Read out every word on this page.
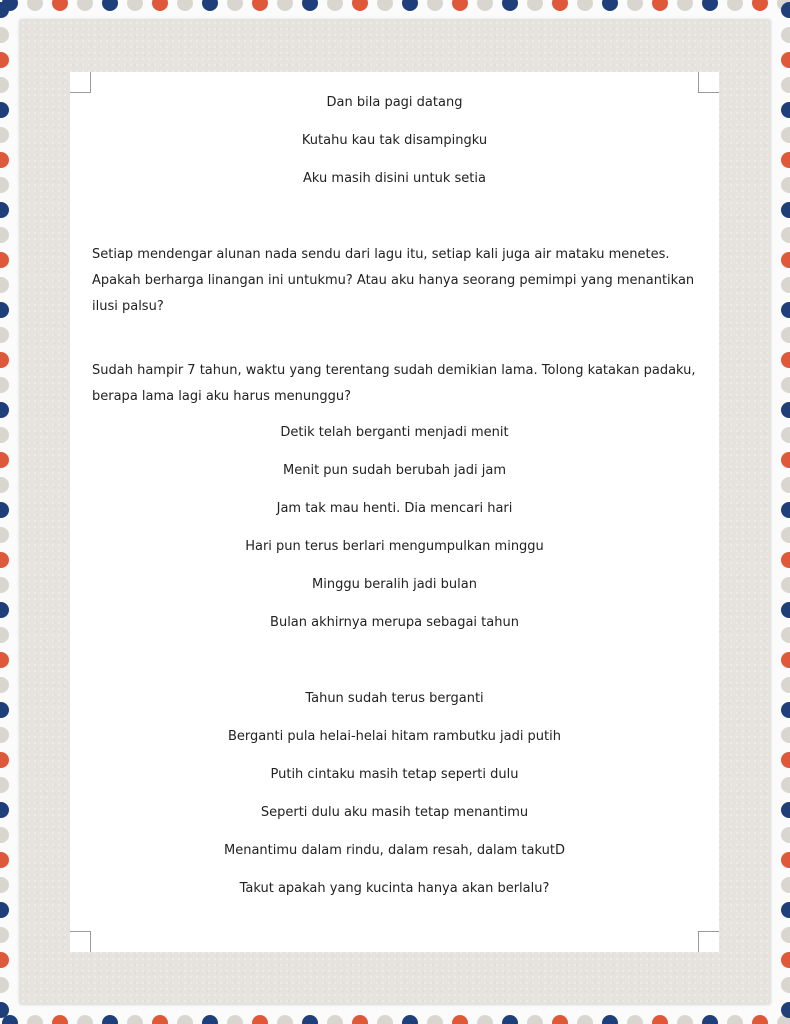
Dan bila pagi datang

Kutahu kau tak disampingku

Aku masih disini untuk setia

Setiap mendengar alunan nada sendu dari lagu itu, setiap kali juga air mataku menetes. Apakah berharga linangan ini untukmu? Atau aku hanya seorang pemimpi yang menantikan ilusi palsu?

Sudah hampir 7 tahun, waktu yang terentang sudah demikian lama. Tolong katakan padaku, berapa lama lagi aku harus menunggu?

Detik telah berganti menjadi menit

Menit pun sudah berubah jadi jam

Jam tak mau henti. Dia mencari hari

Hari pun terus berlari mengumpulkan minggu

Minggu beralih jadi bulan

Bulan akhirnya merupa sebagai tahun

Tahun sudah terus berganti

Berganti pula helai-helai hitam rambutku jadi putih

Putih cintaku masih tetap seperti dulu

Seperti dulu aku masih tetap menantimu

Menantimu dalam rindu, dalam resah, dalam takutD

Takut apakah yang kucinta hanya akan berlalu?
